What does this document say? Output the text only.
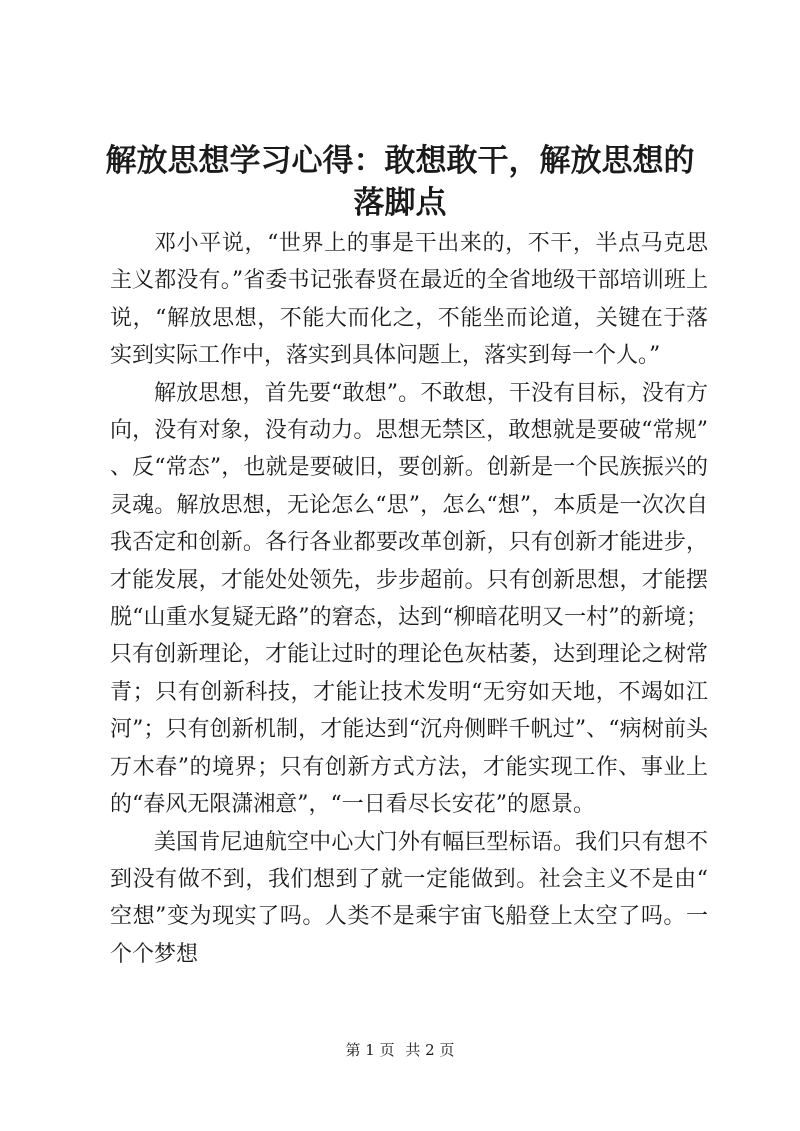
解放思想学习心得：敢想敢干，解放思想的落脚点

邓小平说，“世界上的事是干出来的，不干，半点马克思主义都没有。”省委书记张春贤在最近的全省地级干部培训班上说，“解放思想，不能大而化之，不能坐而论道，关键在于落实到实际工作中，落实到具体问题上，落实到每一个人。”

解放思想，首先要“敢想”。不敢想，干没有目标，没有方向，没有对象，没有动力。思想无禁区，敢想就是要破“常规”、反“常态”，也就是要破旧，要创新。创新是一个民族振兴的灵魂。解放思想，无论怎么“思”，怎么“想”，本质是一次次自我否定和创新。各行各业都要改革创新，只有创新才能进步，才能发展，才能处处领先，步步超前。只有创新思想，才能摆脱“山重水复疑无路”的窘态，达到“柳暗花明又一村”的新境；只有创新理论，才能让过时的理论色灰枯萎，达到理论之树常青；只有创新科技，才能让技术发明“无穷如天地，不竭如江河”；只有创新机制，才能达到“沉舟侧畔千帆过”、“病树前头万木春”的境界；只有创新方式方法，才能实现工作、事业上的“春风无限潇湘意”，“一日看尽长安花”的愿景。

美国肯尼迪航空中心大门外有幅巨型标语。我们只有想不到没有做不到，我们想到了就一定能做到。社会主义不是由“空想”变为现实了吗。人类不是乘宇宙飞船登上太空了吗。一个个梦想

第 1 页 共 2 页
